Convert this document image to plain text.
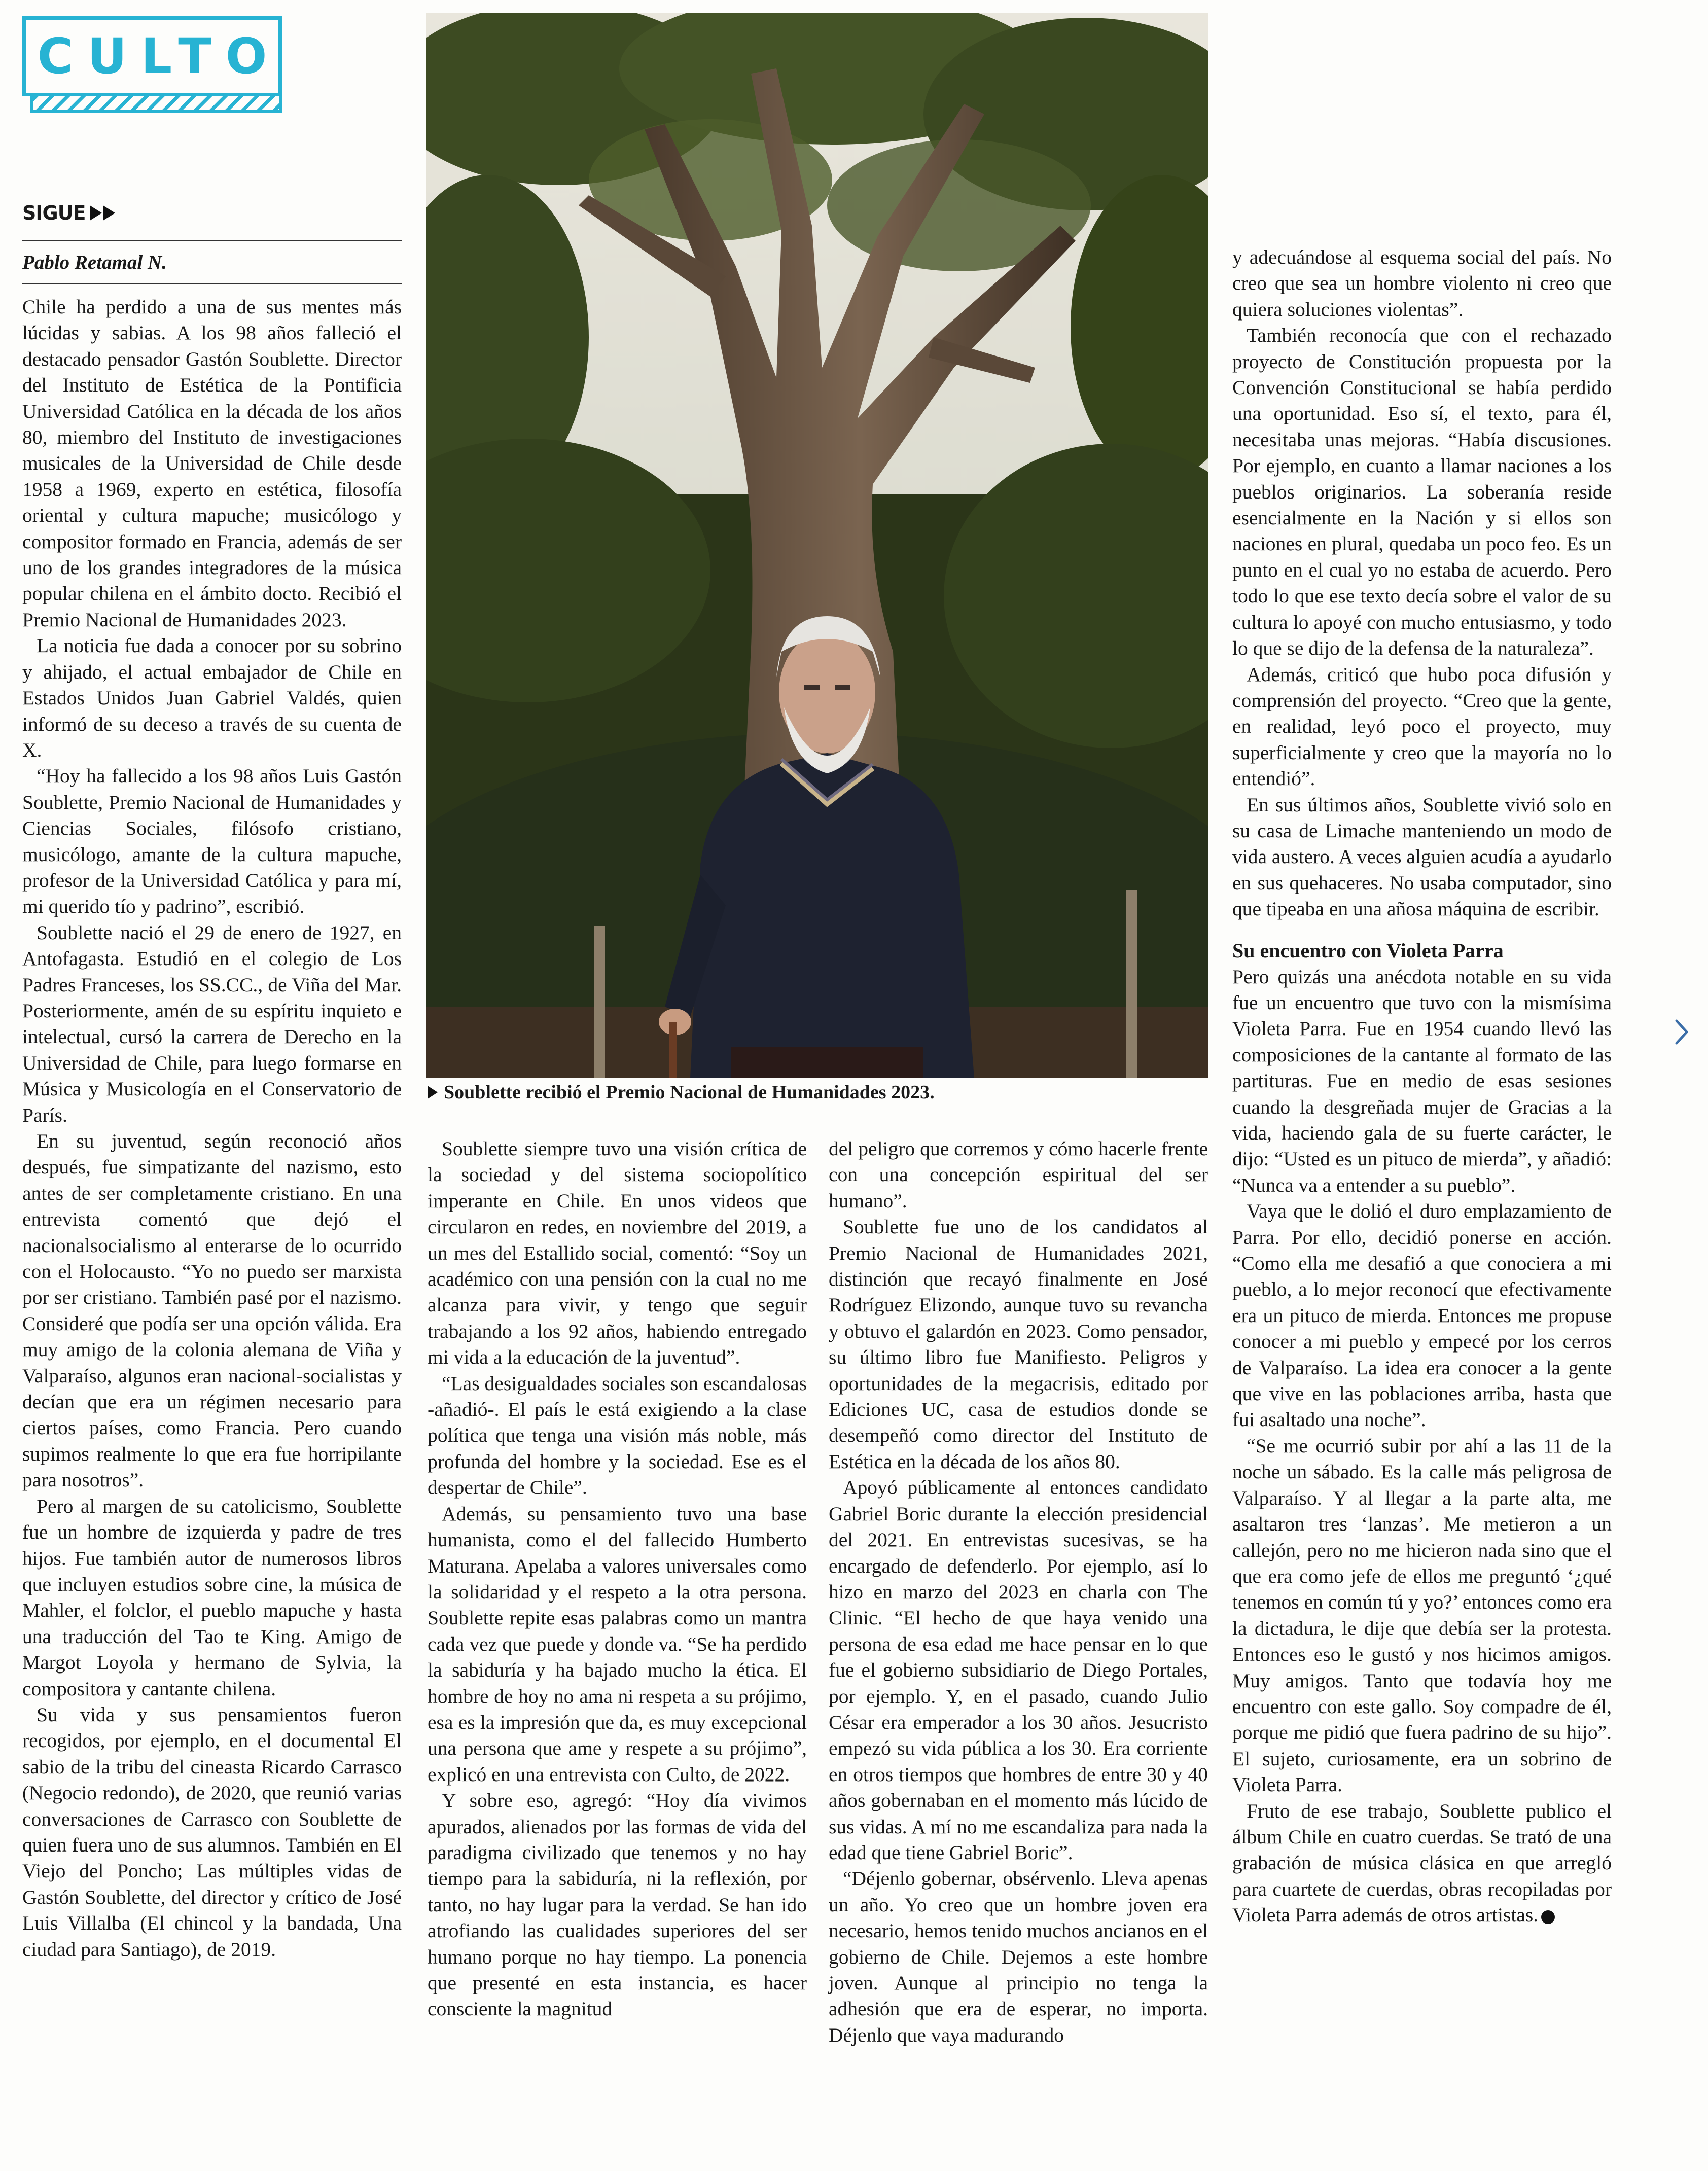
CULTO
SIGUE
Pablo Retamal N.

Chile ha perdido a una de sus mentes más lúcidas y sabias. A los 98 años falleció el destacado pensador Gastón Soublette. Director del Instituto de Estética de la Pontificia Universidad Católica en la década de los años 80, miembro del Instituto de investigaciones musicales de la Universidad de Chile desde 1958 a 1969, experto en estética, filosofía oriental y cultura mapuche; musicólogo y compositor formado en Francia, además de ser uno de los grandes integradores de la música popular chilena en el ámbito docto. Recibió el Premio Nacional de Humanidades 2023.

La noticia fue dada a conocer por su sobrino y ahijado, el actual embajador de Chile en Estados Unidos Juan Gabriel Valdés, quien informó de su deceso a través de su cuenta de X.

“Hoy ha fallecido a los 98 años Luis Gastón Soublette, Premio Nacional de Humanidades y Ciencias Sociales, filósofo cristiano, musicólogo, amante de la cultura mapuche, profesor de la Universidad Católica y para mí, mi querido tío y padrino”, escribió.

Soublette nació el 29 de enero de 1927, en Antofagasta. Estudió en el colegio de Los Padres Franceses, los SS.CC., de Viña del Mar. Posteriormente, amén de su espíritu inquieto e intelectual, cursó la carrera de Derecho en la Universidad de Chile, para luego formarse en Música y Musicología en el Conservatorio de París.

En su juventud, según reconoció años después, fue simpatizante del nazismo, esto antes de ser completamente cristiano. En una entrevista comentó que dejó el nacionalsocialismo al enterarse de lo ocurrido con el Holocausto. “Yo no puedo ser marxista por ser cristiano. También pasé por el nazismo. Consideré que podía ser una opción válida. Era muy amigo de la colonia alemana de Viña y Valparaíso, algunos eran nacional-socialistas y decían que era un régimen necesario para ciertos países, como Francia. Pero cuando supimos realmente lo que era fue horripilante para nosotros”.

Pero al margen de su catolicismo, Soublette fue un hombre de izquierda y padre de tres hijos. Fue también autor de numerosos libros que incluyen estudios sobre cine, la música de Mahler, el folclor, el pueblo mapuche y hasta una traducción del Tao te King. Amigo de Margot Loyola y hermano de Sylvia, la compositora y cantante chilena.

Su vida y sus pensamientos fueron recogidos, por ejemplo, en el documental El sabio de la tribu del cineasta Ricardo Carrasco (Negocio redondo), de 2020, que reunió varias conversaciones de Carrasco con Soublette de quien fuera uno de sus alumnos. También en El Viejo del Poncho; Las múltiples vidas de Gastón Soublette, del director y crítico de José Luis Villalba (El chincol y la bandada, Una ciudad para Santiago), de 2019.

Soublette recibió el Premio Nacional de Humanidades 2023.

Soublette siempre tuvo una visión crítica de la sociedad y del sistema sociopolítico imperante en Chile. En unos videos que circularon en redes, en noviembre del 2019, a un mes del Estallido social, comentó: “Soy un académico con una pensión con la cual no me alcanza para vivir, y tengo que seguir trabajando a los 92 años, habiendo entregado mi vida a la educación de la juventud”.

“Las desigualdades sociales son escandalosas -añadió-. El país le está exigiendo a la clase política que tenga una visión más noble, más profunda del hombre y la sociedad. Ese es el despertar de Chile”.

Además, su pensamiento tuvo una base humanista, como el del fallecido Humberto Maturana. Apelaba a valores universales como la solidaridad y el respeto a la otra persona. Soublette repite esas palabras como un mantra cada vez que puede y donde va. “Se ha perdido la sabiduría y ha bajado mucho la ética. El hombre de hoy no ama ni respeta a su prójimo, esa es la impresión que da, es muy excepcional una persona que ame y respete a su prójimo”, explicó en una entrevista con Culto, de 2022.

Y sobre eso, agregó: “Hoy día vivimos apurados, alienados por las formas de vida del paradigma civilizado que tenemos y no hay tiempo para la sabiduría, ni la reflexión, por tanto, no hay lugar para la verdad. Se han ido atrofiando las cualidades superiores del ser humano porque no hay tiempo. La ponencia que presenté en esta instancia, es hacer consciente la magnitud

del peligro que corremos y cómo hacerle frente con una concepción espiritual del ser humano”.

Soublette fue uno de los candidatos al Premio Nacional de Humanidades 2021, distinción que recayó finalmente en José Rodríguez Elizondo, aunque tuvo su revancha y obtuvo el galardón en 2023. Como pensador, su último libro fue Manifiesto. Peligros y oportunidades de la megacrisis, editado por Ediciones UC, casa de estudios donde se desempeñó como director del Instituto de Estética en la década de los años 80.

Apoyó públicamente al entonces candidato Gabriel Boric durante la elección presidencial del 2021. En entrevistas sucesivas, se ha encargado de defenderlo. Por ejemplo, así lo hizo en marzo del 2023 en charla con The Clinic. “El hecho de que haya venido una persona de esa edad me hace pensar en lo que fue el gobierno subsidiario de Diego Portales, por ejemplo. Y, en el pasado, cuando Julio César era emperador a los 30 años. Jesucristo empezó su vida pública a los 30. Era corriente en otros tiempos que hombres de entre 30 y 40 años gobernaban en el momento más lúcido de sus vidas. A mí no me escandaliza para nada la edad que tiene Gabriel Boric”.

“Déjenlo gobernar, obsérvenlo. Lleva apenas un año. Yo creo que un hombre joven era necesario, hemos tenido muchos ancianos en el gobierno de Chile. Dejemos a este hombre joven. Aunque al principio no tenga la adhesión que era de esperar, no importa. Déjenlo que vaya madurando

y adecuándose al esquema social del país. No creo que sea un hombre violento ni creo que quiera soluciones violentas”.

También reconocía que con el rechazado proyecto de Constitución propuesta por la Convención Constitucional se había perdido una oportunidad. Eso sí, el texto, para él, necesitaba unas mejoras. “Había discusiones. Por ejemplo, en cuanto a llamar naciones a los pueblos originarios. La soberanía reside esencialmente en la Nación y si ellos son naciones en plural, quedaba un poco feo. Es un punto en el cual yo no estaba de acuerdo. Pero todo lo que ese texto decía sobre el valor de su cultura lo apoyé con mucho entusiasmo, y todo lo que se dijo de la defensa de la naturaleza”.

Además, criticó que hubo poca difusión y comprensión del proyecto. “Creo que la gente, en realidad, leyó poco el proyecto, muy superficialmente y creo que la mayoría no lo entendió”.

En sus últimos años, Soublette vivió solo en su casa de Limache manteniendo un modo de vida austero. A veces alguien acudía a ayudarlo en sus quehaceres. No usaba computador, sino que tipeaba en una añosa máquina de escribir.

Su encuentro con Violeta Parra

Pero quizás una anécdota notable en su vida fue un encuentro que tuvo con la mismísima Violeta Parra. Fue en 1954 cuando llevó las composiciones de la cantante al formato de las partituras. Fue en medio de esas sesiones cuando la desgreñada mujer de Gracias a la vida, haciendo gala de su fuerte carácter, le dijo: “Usted es un pituco de mierda”, y añadió: “Nunca va a entender a su pueblo”.

Vaya que le dolió el duro emplazamiento de Parra. Por ello, decidió ponerse en acción. “Como ella me desafió a que conociera a mi pueblo, a lo mejor reconocí que efectivamente era un pituco de mierda. Entonces me propuse conocer a mi pueblo y empecé por los cerros de Valparaíso. La idea era conocer a la gente que vive en las poblaciones arriba, hasta que fui asaltado una noche”.

“Se me ocurrió subir por ahí a las 11 de la noche un sábado. Es la calle más peligrosa de Valparaíso. Y al llegar a la parte alta, me asaltaron tres ‘lanzas’. Me metieron a un callejón, pero no me hicieron nada sino que el que era como jefe de ellos me preguntó ‘¿qué tenemos en común tú y yo?’ entonces como era la dictadura, le dije que debía ser la protesta. Entonces eso le gustó y nos hicimos amigos. Muy amigos. Tanto que todavía hoy me encuentro con este gallo. Soy compadre de él, porque me pidió que fuera padrino de su hijo”. El sujeto, curiosamente, era un sobrino de Violeta Parra.

Fruto de ese trabajo, Soublette publico el álbum Chile en cuatro cuerdas. Se trató de una grabación de música clásica en que arregló para cuartete de cuerdas, obras recopiladas por Violeta Parra además de otros artistas.
